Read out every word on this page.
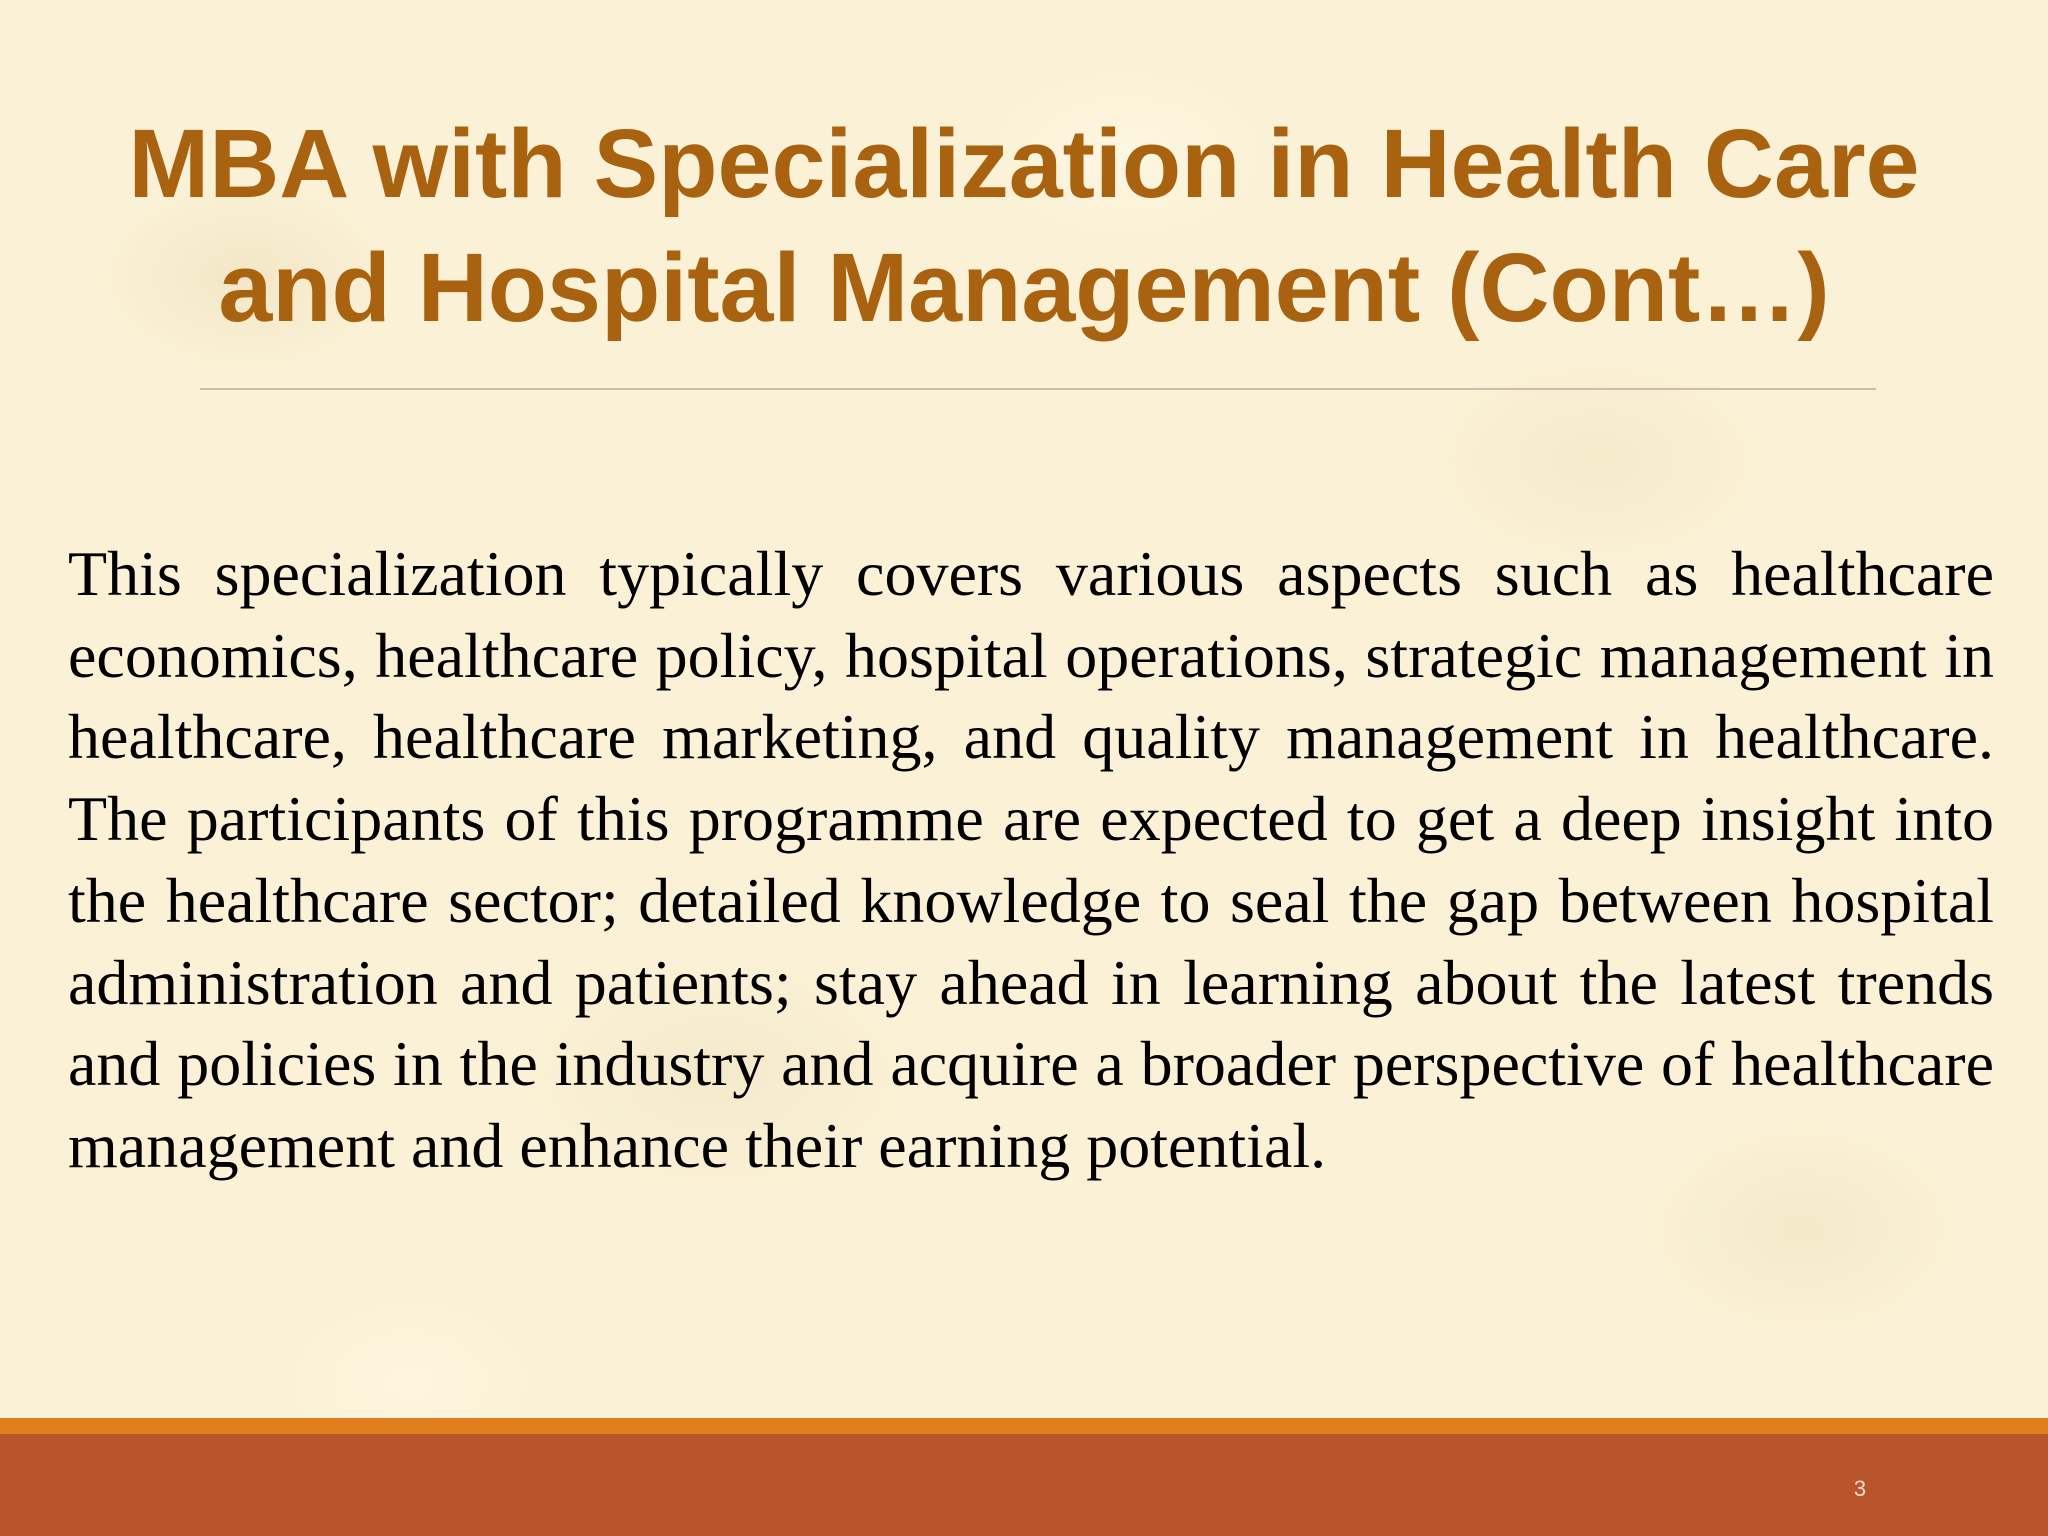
MBA with Specialization in Health Care and Hospital Management (Cont…)

This specialization typically covers various aspects such as healthcare economics, healthcare policy, hospital operations, strategic management in healthcare, healthcare marketing, and quality management in healthcare. The participants of this programme are expected to get a deep insight into the healthcare sector; detailed knowledge to seal the gap between hospital administration and patients; stay ahead in learning about the latest trends and policies in the industry and acquire a broader perspective of healthcare management and enhance their earning potential.

3
